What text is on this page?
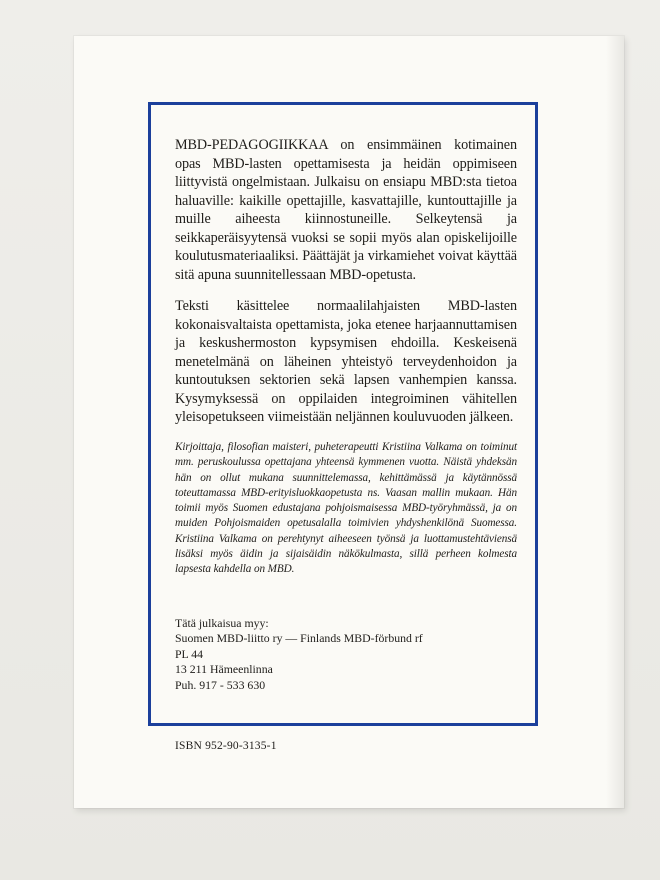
MBD-PEDAGOGIIKKAA on ensimmäinen kotimainen opas MBD-lasten opettamisesta ja heidän oppimiseen liittyvistä ongelmistaan. Julkaisu on ensiapu MBD:sta tietoa haluaville: kaikille opettajille, kasvattajille, kuntouttajille ja muille aiheesta kiinnostuneille. Selkeytensä ja seikkaperäisyytensä vuoksi se sopii myös alan opiskelijoille koulutusmateriaaliksi. Päättäjät ja virkamiehet voivat käyttää sitä apuna suunnitellessaan MBD-opetusta.
Teksti käsittelee normaalilahjaisten MBD-lasten kokonaisvaltaista opettamista, joka etenee harjaannuttamisen ja keskushermoston kypsymisen ehdoilla. Keskeisenä menetelmänä on läheinen yhteistyö terveydenhoidon ja kuntoutuksen sektorien sekä lapsen vanhempien kanssa. Kysymyksessä on oppilaiden integroiminen vähitellen yleisopetukseen viimeistään neljännen kouluvuoden jälkeen.
Kirjoittaja, filosofian maisteri, puheterapeutti Kristiina Valkama on toiminut mm. peruskoulussa opettajana yhteensä kymmenen vuotta. Näistä yhdeksän hän on ollut mukana suunnittelemassa, kehittämässä ja käytännössä toteuttamassa MBD-erityisluokkaopetusta ns. Vaasan mallin mukaan. Hän toimii myös Suomen edustajana pohjoismaisessa MBD-työryhmässä, ja on muiden Pohjoismaiden opetusalalla toimivien yhdyshenkilönä Suomessa. Kristiina Valkama on perehtynyt aiheeseen työnsä ja luottamustehtäviensä lisäksi myös äidin ja sijaisäidin näkökulmasta, sillä perheen kolmesta lapsesta kahdella on MBD.
Tätä julkaisua myy:
Suomen MBD-liitto ry — Finlands MBD-förbund rf
PL 44
13 211 Hämeenlinna
Puh. 917 - 533 630
ISBN 952-90-3135-1
